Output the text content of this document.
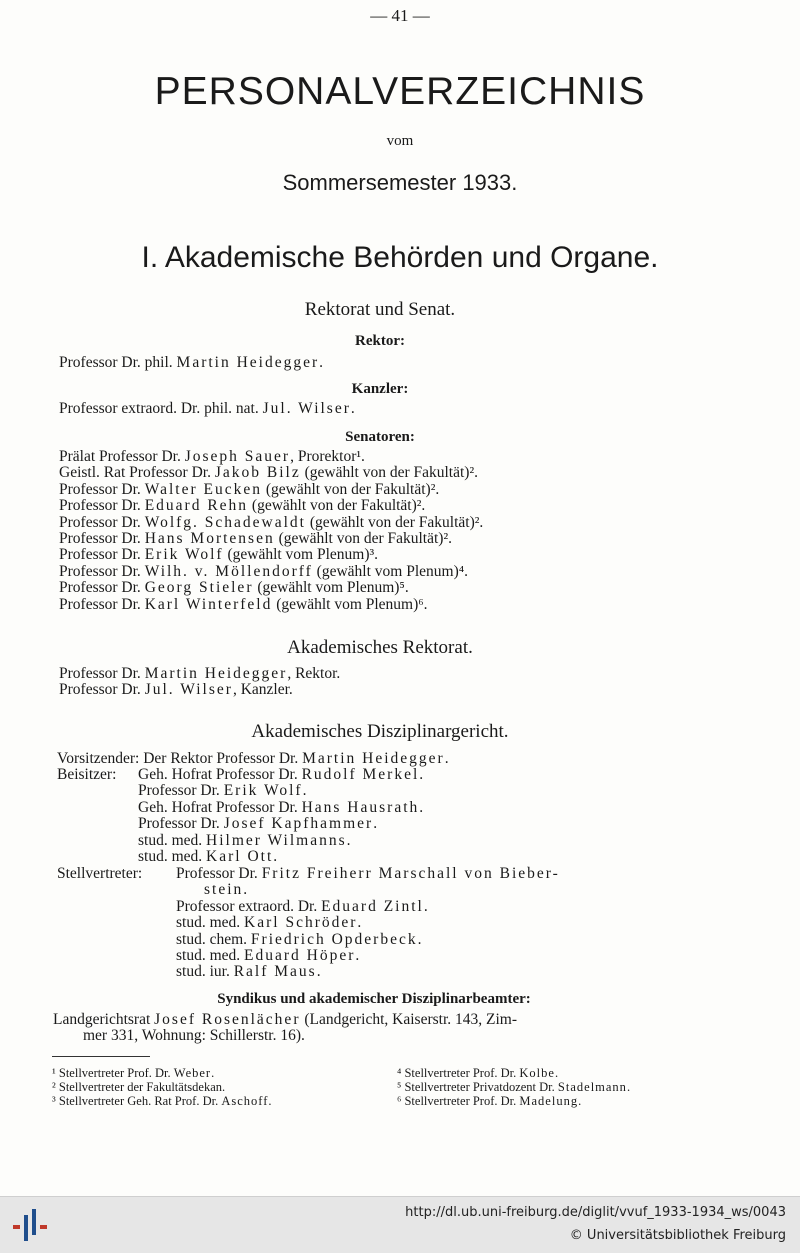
— 41 —
PERSONALVERZEICHNIS
vom
Sommersemester 1933.
I. Akademische Behörden und Organe.
Rektorat und Senat.
Rektor:
Professor Dr. phil. Martin Heidegger.
Kanzler:
Professor extraord. Dr. phil. nat. Jul. Wilser.
Senatoren:
Prälat Professor Dr. Joseph Sauer, Prorektor¹.
Geistl. Rat Professor Dr. Jakob Bilz (gewählt von der Fakultät)².
Professor Dr. Walter Eucken (gewählt von der Fakultät)².
Professor Dr. Eduard Rehn (gewählt von der Fakultät)².
Professor Dr. Wolfg. Schadewaldt (gewählt von der Fakultät)².
Professor Dr. Hans Mortensen (gewählt von der Fakultät)².
Professor Dr. Erik Wolf (gewählt vom Plenum)³.
Professor Dr. Wilh. v. Möllendorff (gewählt vom Plenum)⁴.
Professor Dr. Georg Stieler (gewählt vom Plenum)⁵.
Professor Dr. Karl Winterfeld (gewählt vom Plenum)⁶.
Akademisches Rektorat.
Professor Dr. Martin Heidegger, Rektor.
Professor Dr. Jul. Wilser, Kanzler.
Akademisches Disziplinargericht.
Vorsitzender: Der Rektor Professor Dr. Martin Heidegger.
Beisitzer: Geh. Hofrat Professor Dr. Rudolf Merkel.
Professor Dr. Erik Wolf.
Geh. Hofrat Professor Dr. Hans Hausrath.
Professor Dr. Josef Kapfhammer.
stud. med. Hilmer Wilmanns.
stud. med. Karl Ott.
Stellvertreter: Professor Dr. Fritz Freiherr Marschall von Bieber-
stein.
Professor extraord. Dr. Eduard Zintl.
stud. med. Karl Schröder.
stud. chem. Friedrich Opderbeck.
stud. med. Eduard Höper.
stud. iur. Ralf Maus.
Syndikus und akademischer Disziplinarbeamter:
Landgerichtsrat Josef Rosenlächer (Landgericht, Kaiserstr. 143, Zim-
mer 331, Wohnung: Schillerstr. 16).
¹ Stellvertreter Prof. Dr. Weber.
² Stellvertreter der Fakultätsdekan.
³ Stellvertreter Geh. Rat Prof. Dr. Aschoff.
⁴ Stellvertreter Prof. Dr. Kolbe.
⁵ Stellvertreter Privatdozent Dr. Stadelmann.
⁶ Stellvertreter Prof. Dr. Madelung.
http://dl.ub.uni-freiburg.de/diglit/vvuf_1933-1934_ws/0043
© Universitätsbibliothek Freiburg
